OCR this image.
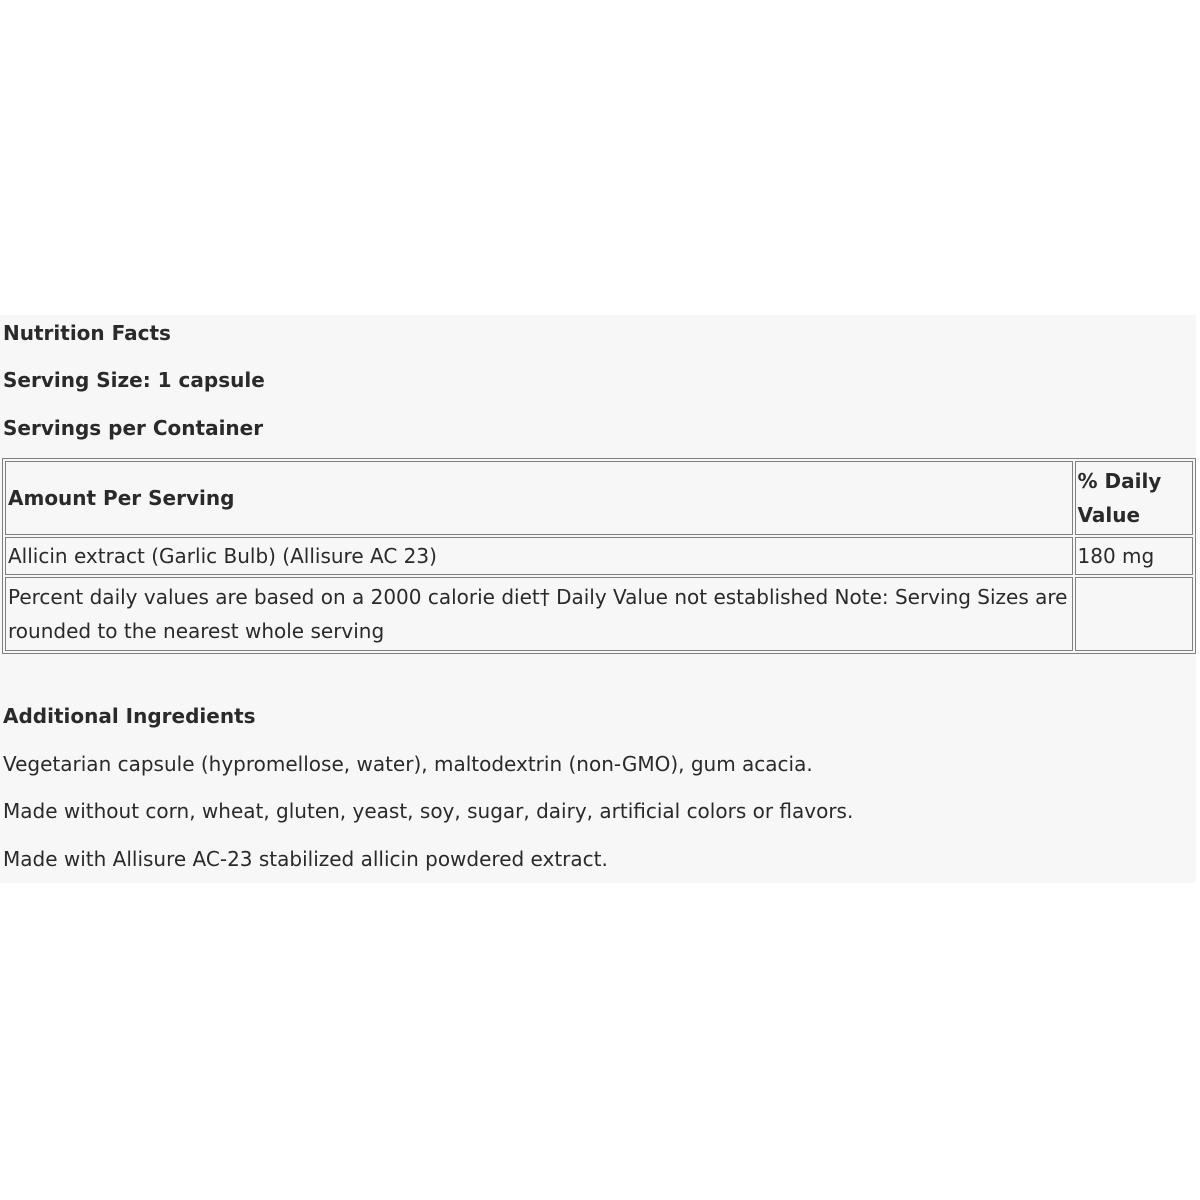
Nutrition Facts
Serving Size: 1 capsule
Servings per Container
Amount Per Serving	% Daily Value
Allicin extract (Garlic Bulb) (Allisure AC 23)	180 mg
Percent daily values are based on a 2000 calorie diet† Daily Value not established Note: Serving Sizes are rounded to the nearest whole serving	
Additional Ingredients
Vegetarian capsule (hypromellose, water), maltodextrin (non-GMO), gum acacia.
Made without corn, wheat, gluten, yeast, soy, sugar, dairy, artificial colors or flavors.
Made with Allisure AC-23 stabilized allicin powdered extract.
